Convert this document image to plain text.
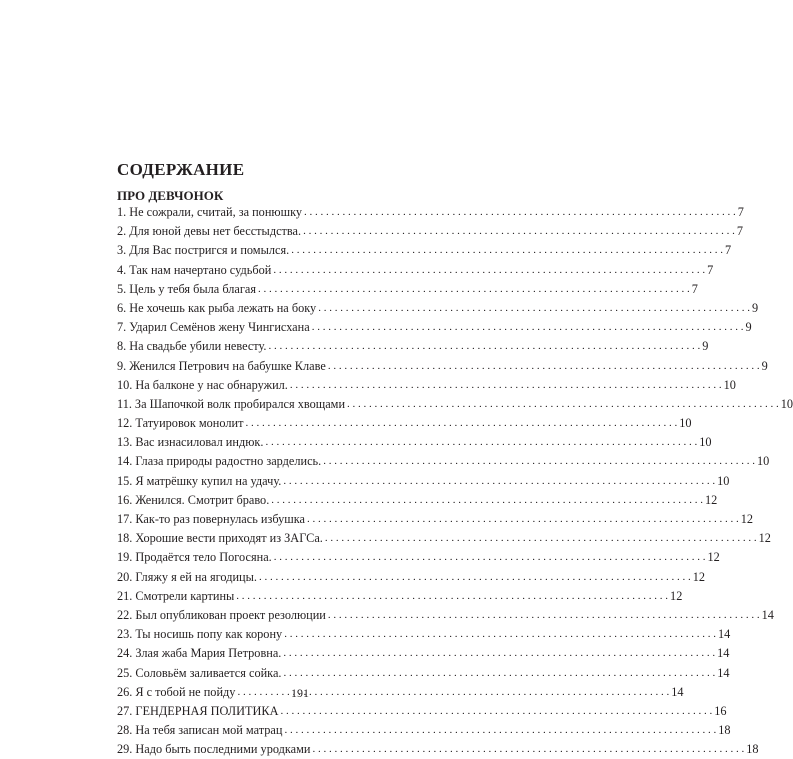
СОДЕРЖАНИЕ
ПРО ДЕВЧОНОК
1. Не сожрали, считай, за понюшку . . .	7
2. Для юной девы нет бесстыдства. . . .	7
3. Для Вас постригся и помылся. . . .	7
4. Так нам начертано судьбой . . .	7
5. Цель у тебя была благая . . .	7
6. Не хочешь как рыба лежать на боку . . .	9
7. Ударил Семёнов жену Чингисхана . . .	9
8. На свадьбе убили невесту. . . .	9
9. Женился Петрович на бабушке Клаве . . .	9
10. На балконе у нас обнаружил. . . .	10
11. За Шапочкой волк пробирался хвощами . . .	10
12. Татуировок монолит . . .	10
13. Вас изнасиловал индюк. . . .	10
14. Глаза природы радостно зарделись. . . .	10
15. Я матрёшку купил на удачу. . . .	10
16. Женился. Смотрит браво. . . .	12
17. Как-то раз повернулась избушка . . .	12
18. Хорошие вести приходят из ЗАГСа. . . .	12
19. Продаётся тело Погосяна. . . .	12
20. Гляжу я ей на ягодицы. . . .	12
21. Смотрели картины . . .	12
22. Был опубликован проект резолюции . . .	14
23. Ты носишь попу как корону . . .	14
24. Злая жаба Мария Петровна. . . .	14
25. Соловьём заливается сойка. . . .	14
26. Я с тобой не пойду . . .	14
27. ГЕНДЕРНАЯ ПОЛИТИКА . . .	16
28. На тебя записан мой матрац . . .	18
29. Надо быть последними уродками . . .	18
191
